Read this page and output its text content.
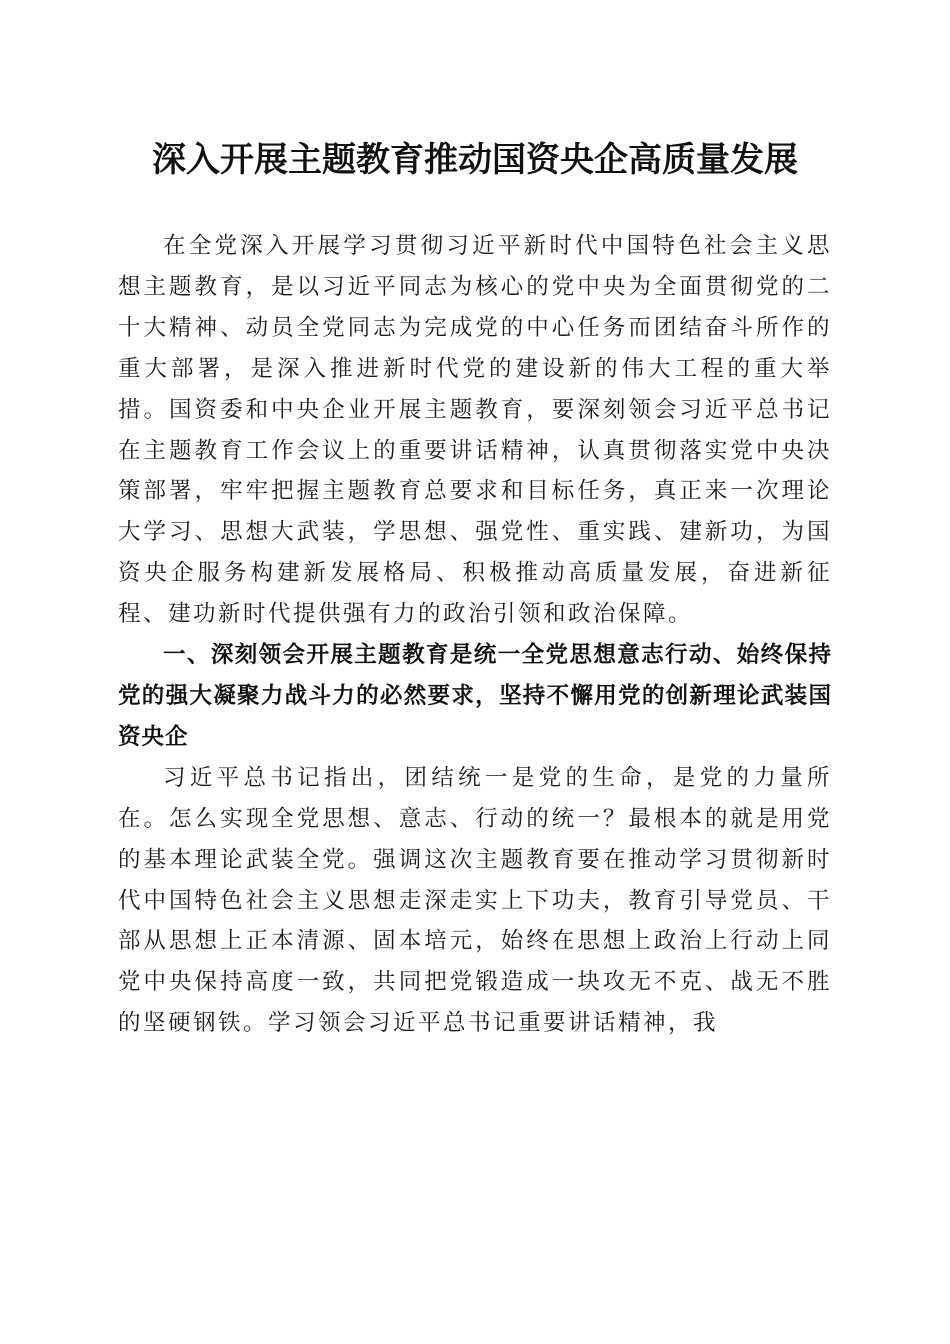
深入开展主题教育推动国资央企高质量发展

在全党深入开展学习贯彻习近平新时代中国特色社会主义思想主题教育，是以习近平同志为核心的党中央为全面贯彻党的二十大精神、动员全党同志为完成党的中心任务而团结奋斗所作的重大部署，是深入推进新时代党的建设新的伟大工程的重大举措。国资委和中央企业开展主题教育，要深刻领会习近平总书记在主题教育工作会议上的重要讲话精神，认真贯彻落实党中央决策部署，牢牢把握主题教育总要求和目标任务，真正来一次理论大学习、思想大武装，学思想、强党性、重实践、建新功，为国资央企服务构建新发展格局、积极推动高质量发展，奋进新征程、建功新时代提供强有力的政治引领和政治保障。

一、深刻领会开展主题教育是统一全党思想意志行动、始终保持党的强大凝聚力战斗力的必然要求，坚持不懈用党的创新理论武装国资央企

习近平总书记指出，团结统一是党的生命，是党的力量所在。怎么实现全党思想、意志、行动的统一？最根本的就是用党的基本理论武装全党。强调这次主题教育要在推动学习贯彻新时代中国特色社会主义思想走深走实上下功夫，教育引导党员、干部从思想上正本清源、固本培元，始终在思想上政治上行动上同党中央保持高度一致，共同把党锻造成一块攻无不克、战无不胜的坚硬钢铁。学习领会习近平总书记重要讲话精神，我
